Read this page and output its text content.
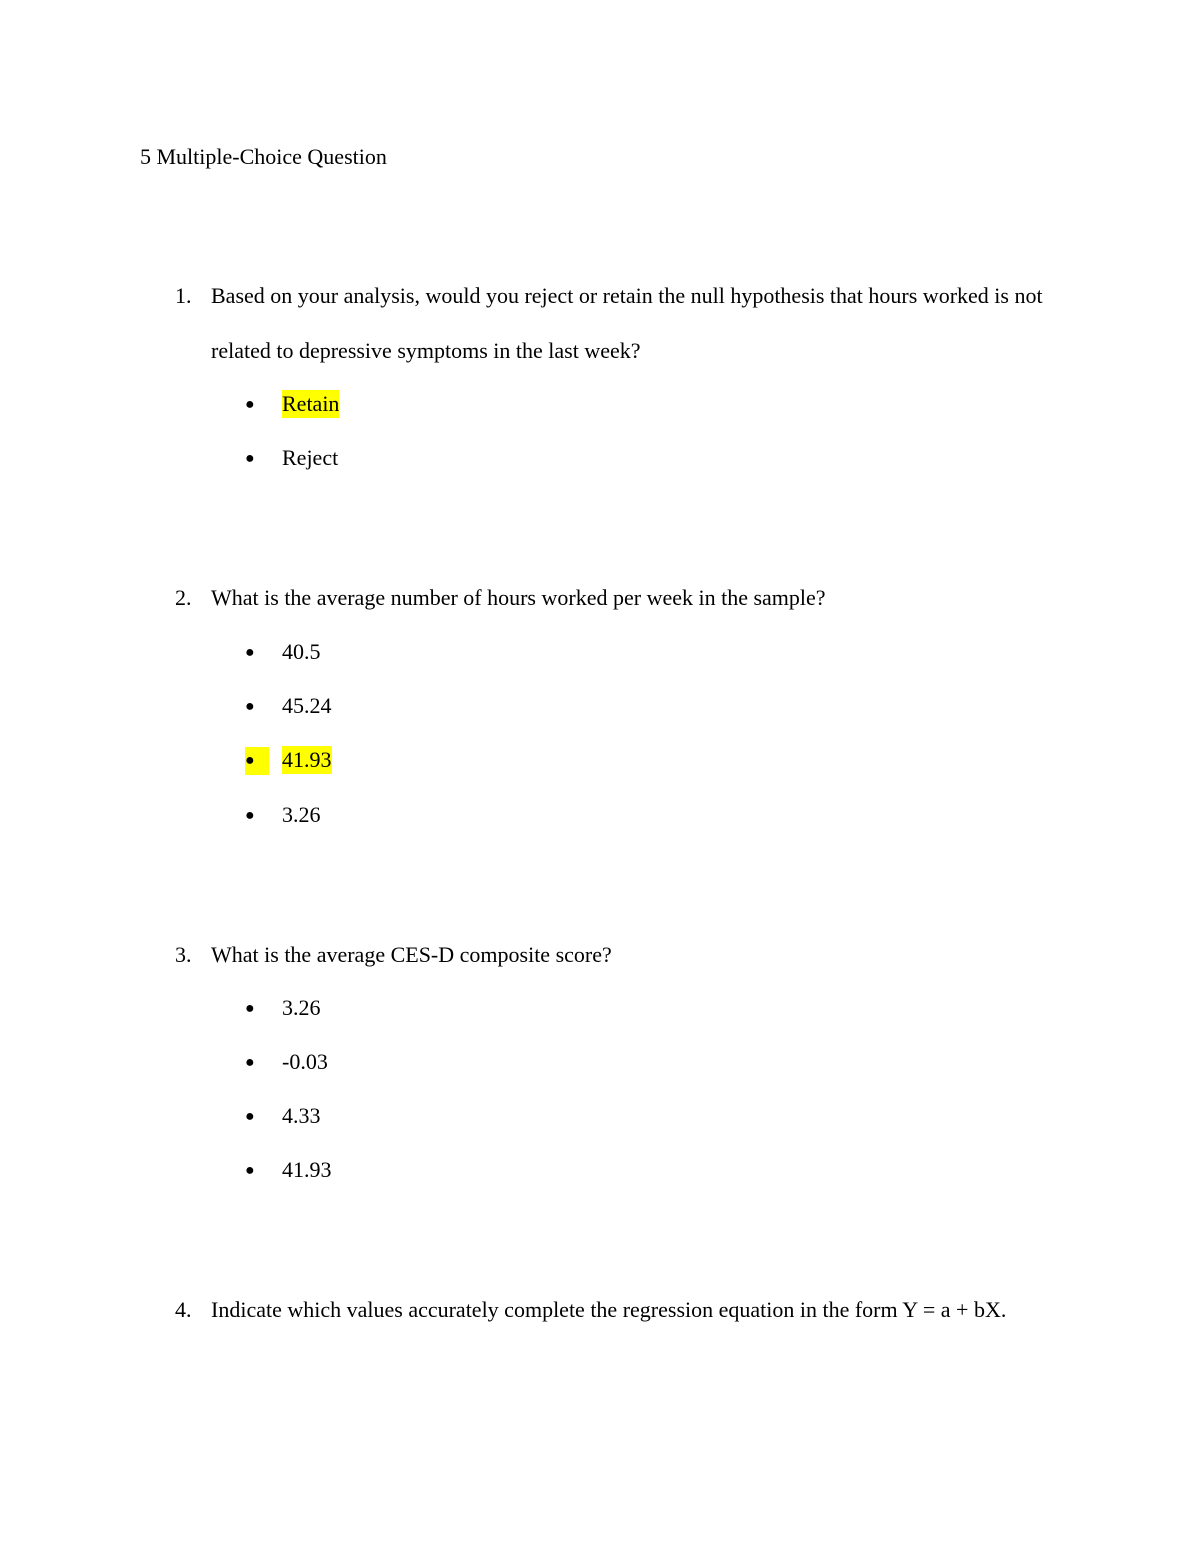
5 Multiple-Choice Question
1. Based on your analysis, would you reject or retain the null hypothesis that hours worked is not related to depressive symptoms in the last week?
● Retain
● Reject
2. What is the average number of hours worked per week in the sample?
● 40.5
● 45.24
●	41.93
● 3.26
3. What is the average CES-D composite score?
● 3.26
● -0.03
● 4.33
● 41.93
4. Indicate which values accurately complete the regression equation in the form Y = a + bX.
